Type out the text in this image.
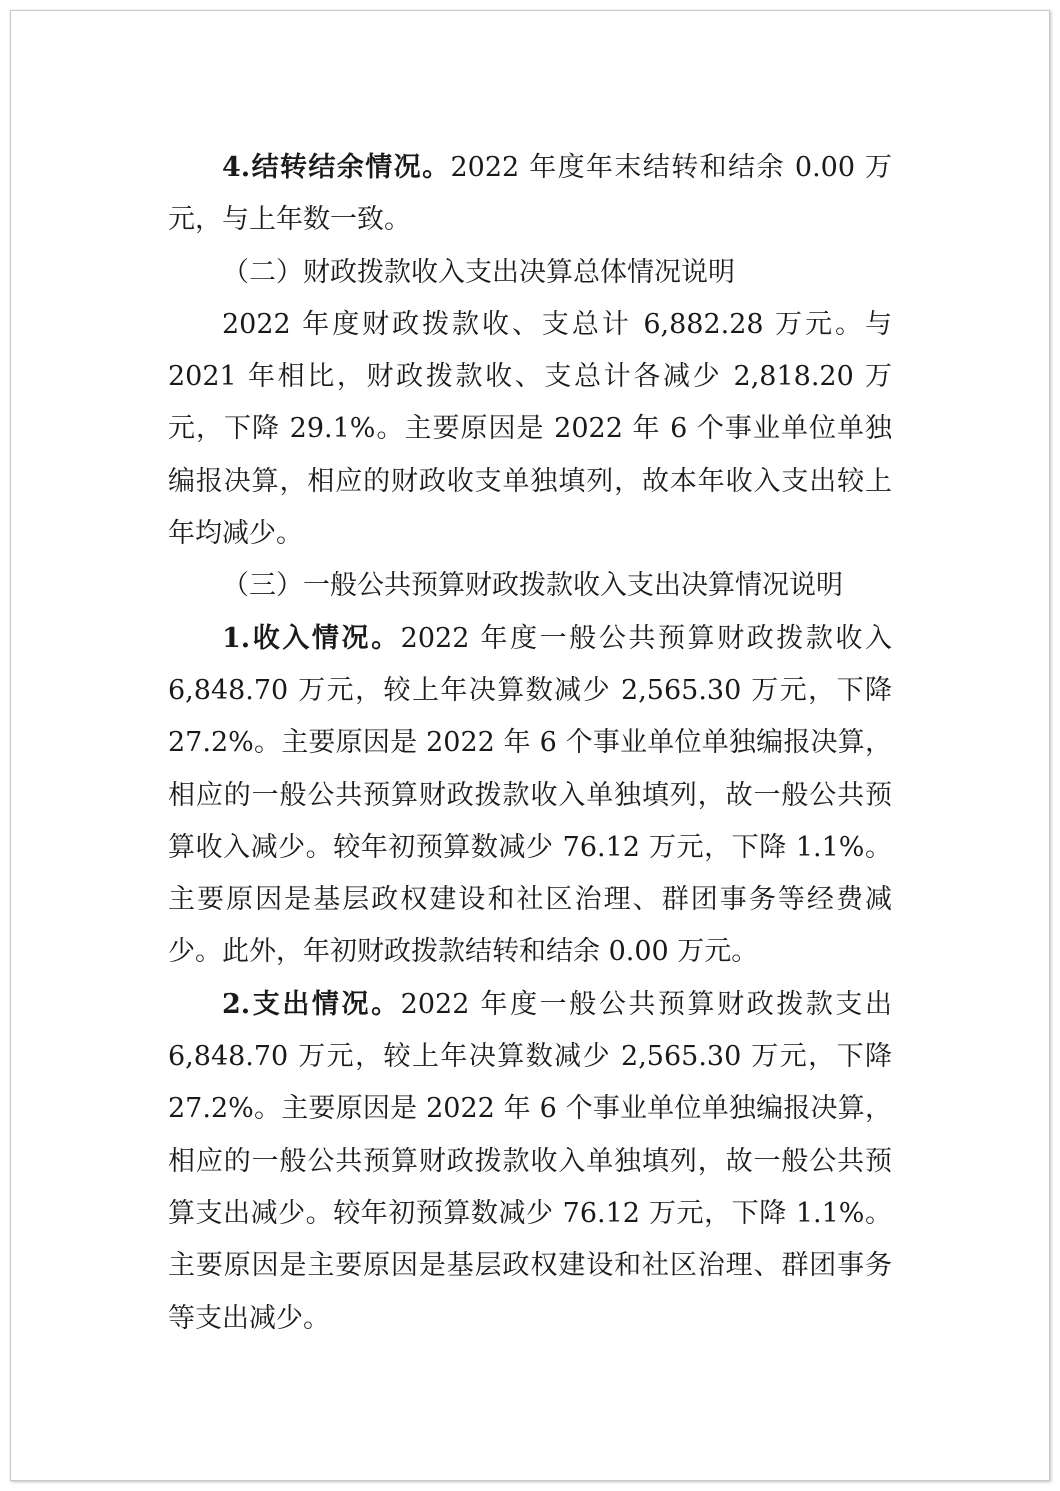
4.结转结余情况。2022 年度年末结转和结余 0.00 万元，与上年数一致。

（二）财政拨款收入支出决算总体情况说明

2022 年度财政拨款收、支总计 6,882.28 万元。与 2021 年相比，财政拨款收、支总计各减少 2,818.20 万元，下降 29.1%。主要原因是 2022 年 6 个事业单位单独编报决算，相应的财政收支单独填列，故本年收入支出较上年均减少。

（三）一般公共预算财政拨款收入支出决算情况说明

1.收入情况。2022 年度一般公共预算财政拨款收入 6,848.70 万元，较上年决算数减少 2,565.30 万元，下降 27.2%。主要原因是 2022 年 6 个事业单位单独编报决算，相应的一般公共预算财政拨款收入单独填列，故一般公共预算收入减少。较年初预算数减少 76.12 万元，下降 1.1%。主要原因是基层政权建设和社区治理、群团事务等经费减少。此外，年初财政拨款结转和结余 0.00 万元。

2.支出情况。2022 年度一般公共预算财政拨款支出 6,848.70 万元，较上年决算数减少 2,565.30 万元，下降 27.2%。主要原因是 2022 年 6 个事业单位单独编报决算，相应的一般公共预算财政拨款收入单独填列，故一般公共预算支出减少。较年初预算数减少 76.12 万元，下降 1.1%。主要原因是主要原因是基层政权建设和社区治理、群团事务等支出减少。
